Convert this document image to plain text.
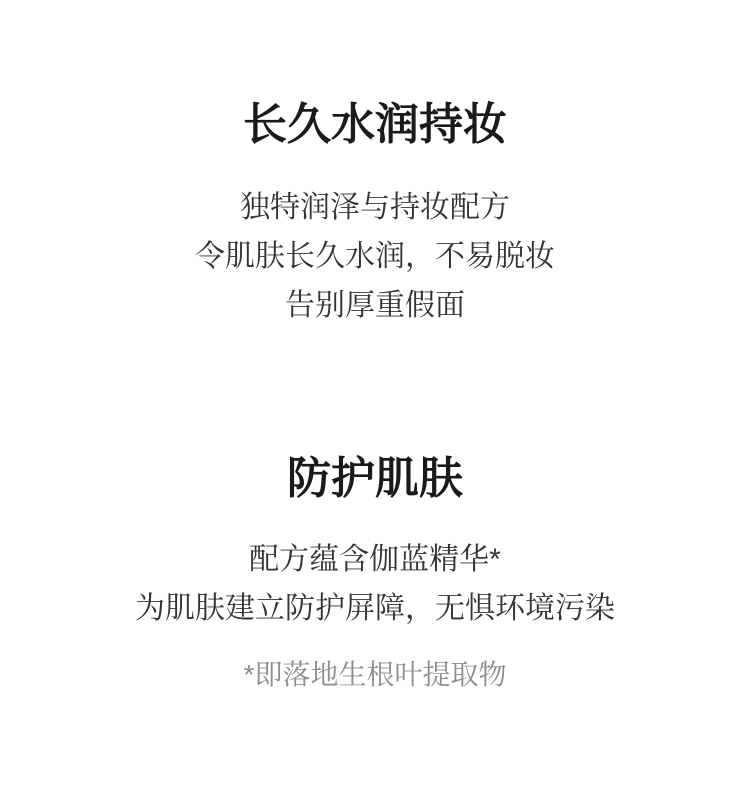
长久水润持妆

独特润泽与持妆配方

令肌肤长久水润，不易脱妆

告别厚重假面

防护肌肤

配方蕴含伽蓝精华*

为肌肤建立防护屏障，无惧环境污染

*即落地生根叶提取物
